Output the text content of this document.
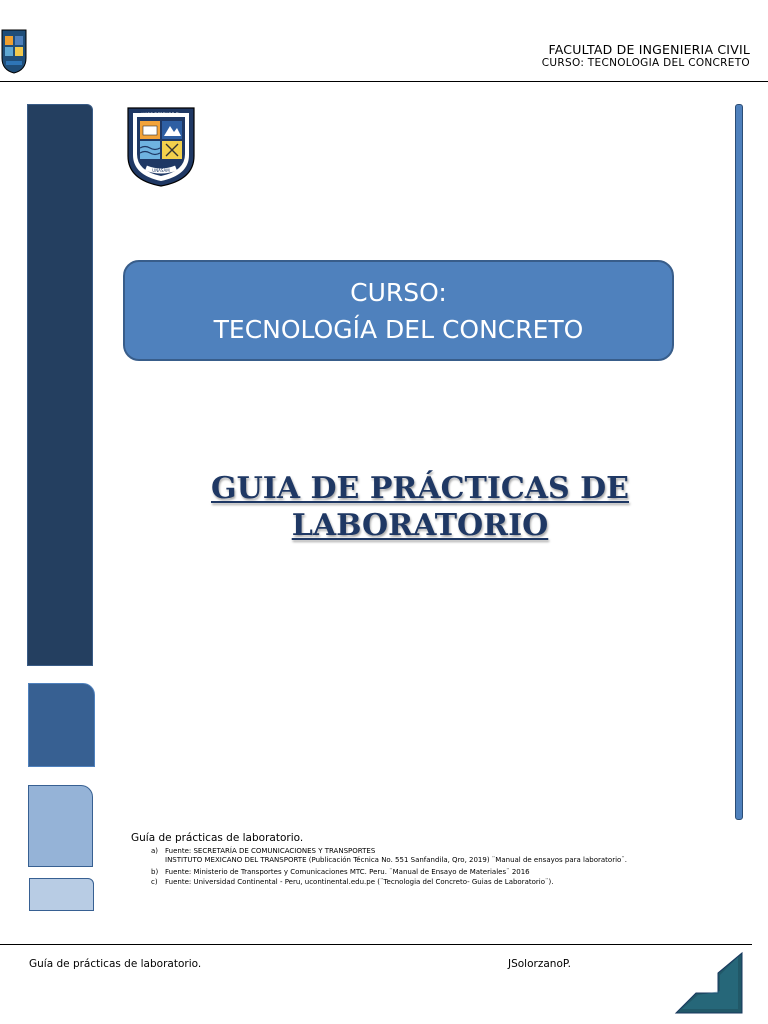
FACULTAD DE INGENIERIA CIVIL
CURSO: TECNOLOGIA DEL CONCRETO
HIJOS DEPENDE EL
UNASAM
CURSO:
TECNOLOGÍA DEL CONCRETO
GUIA DE PRÁCTICAS DE
LABORATORIO
Guía de prácticas de laboratorio.
a) Fuente: SECRETARÍA DE COMUNICACIONES Y TRANSPORTES
INSTITUTO MEXICANO DEL TRANSPORTE (Publicación Técnica No. 551 Sanfandila, Qro, 2019) ¨Manual de ensayos para laboratorio¨.
b) Fuente: Ministerio de Transportes y Comunicaciones MTC. Peru. ¨Manual de Ensayo de Materiales¨ 2016
c) Fuente: Universidad Continental - Peru, ucontinental.edu.pe (¨Tecnologia del Concreto- Guias de Laboratorio¨).
Guía de prácticas de laboratorio.	JSolorzanoP.
